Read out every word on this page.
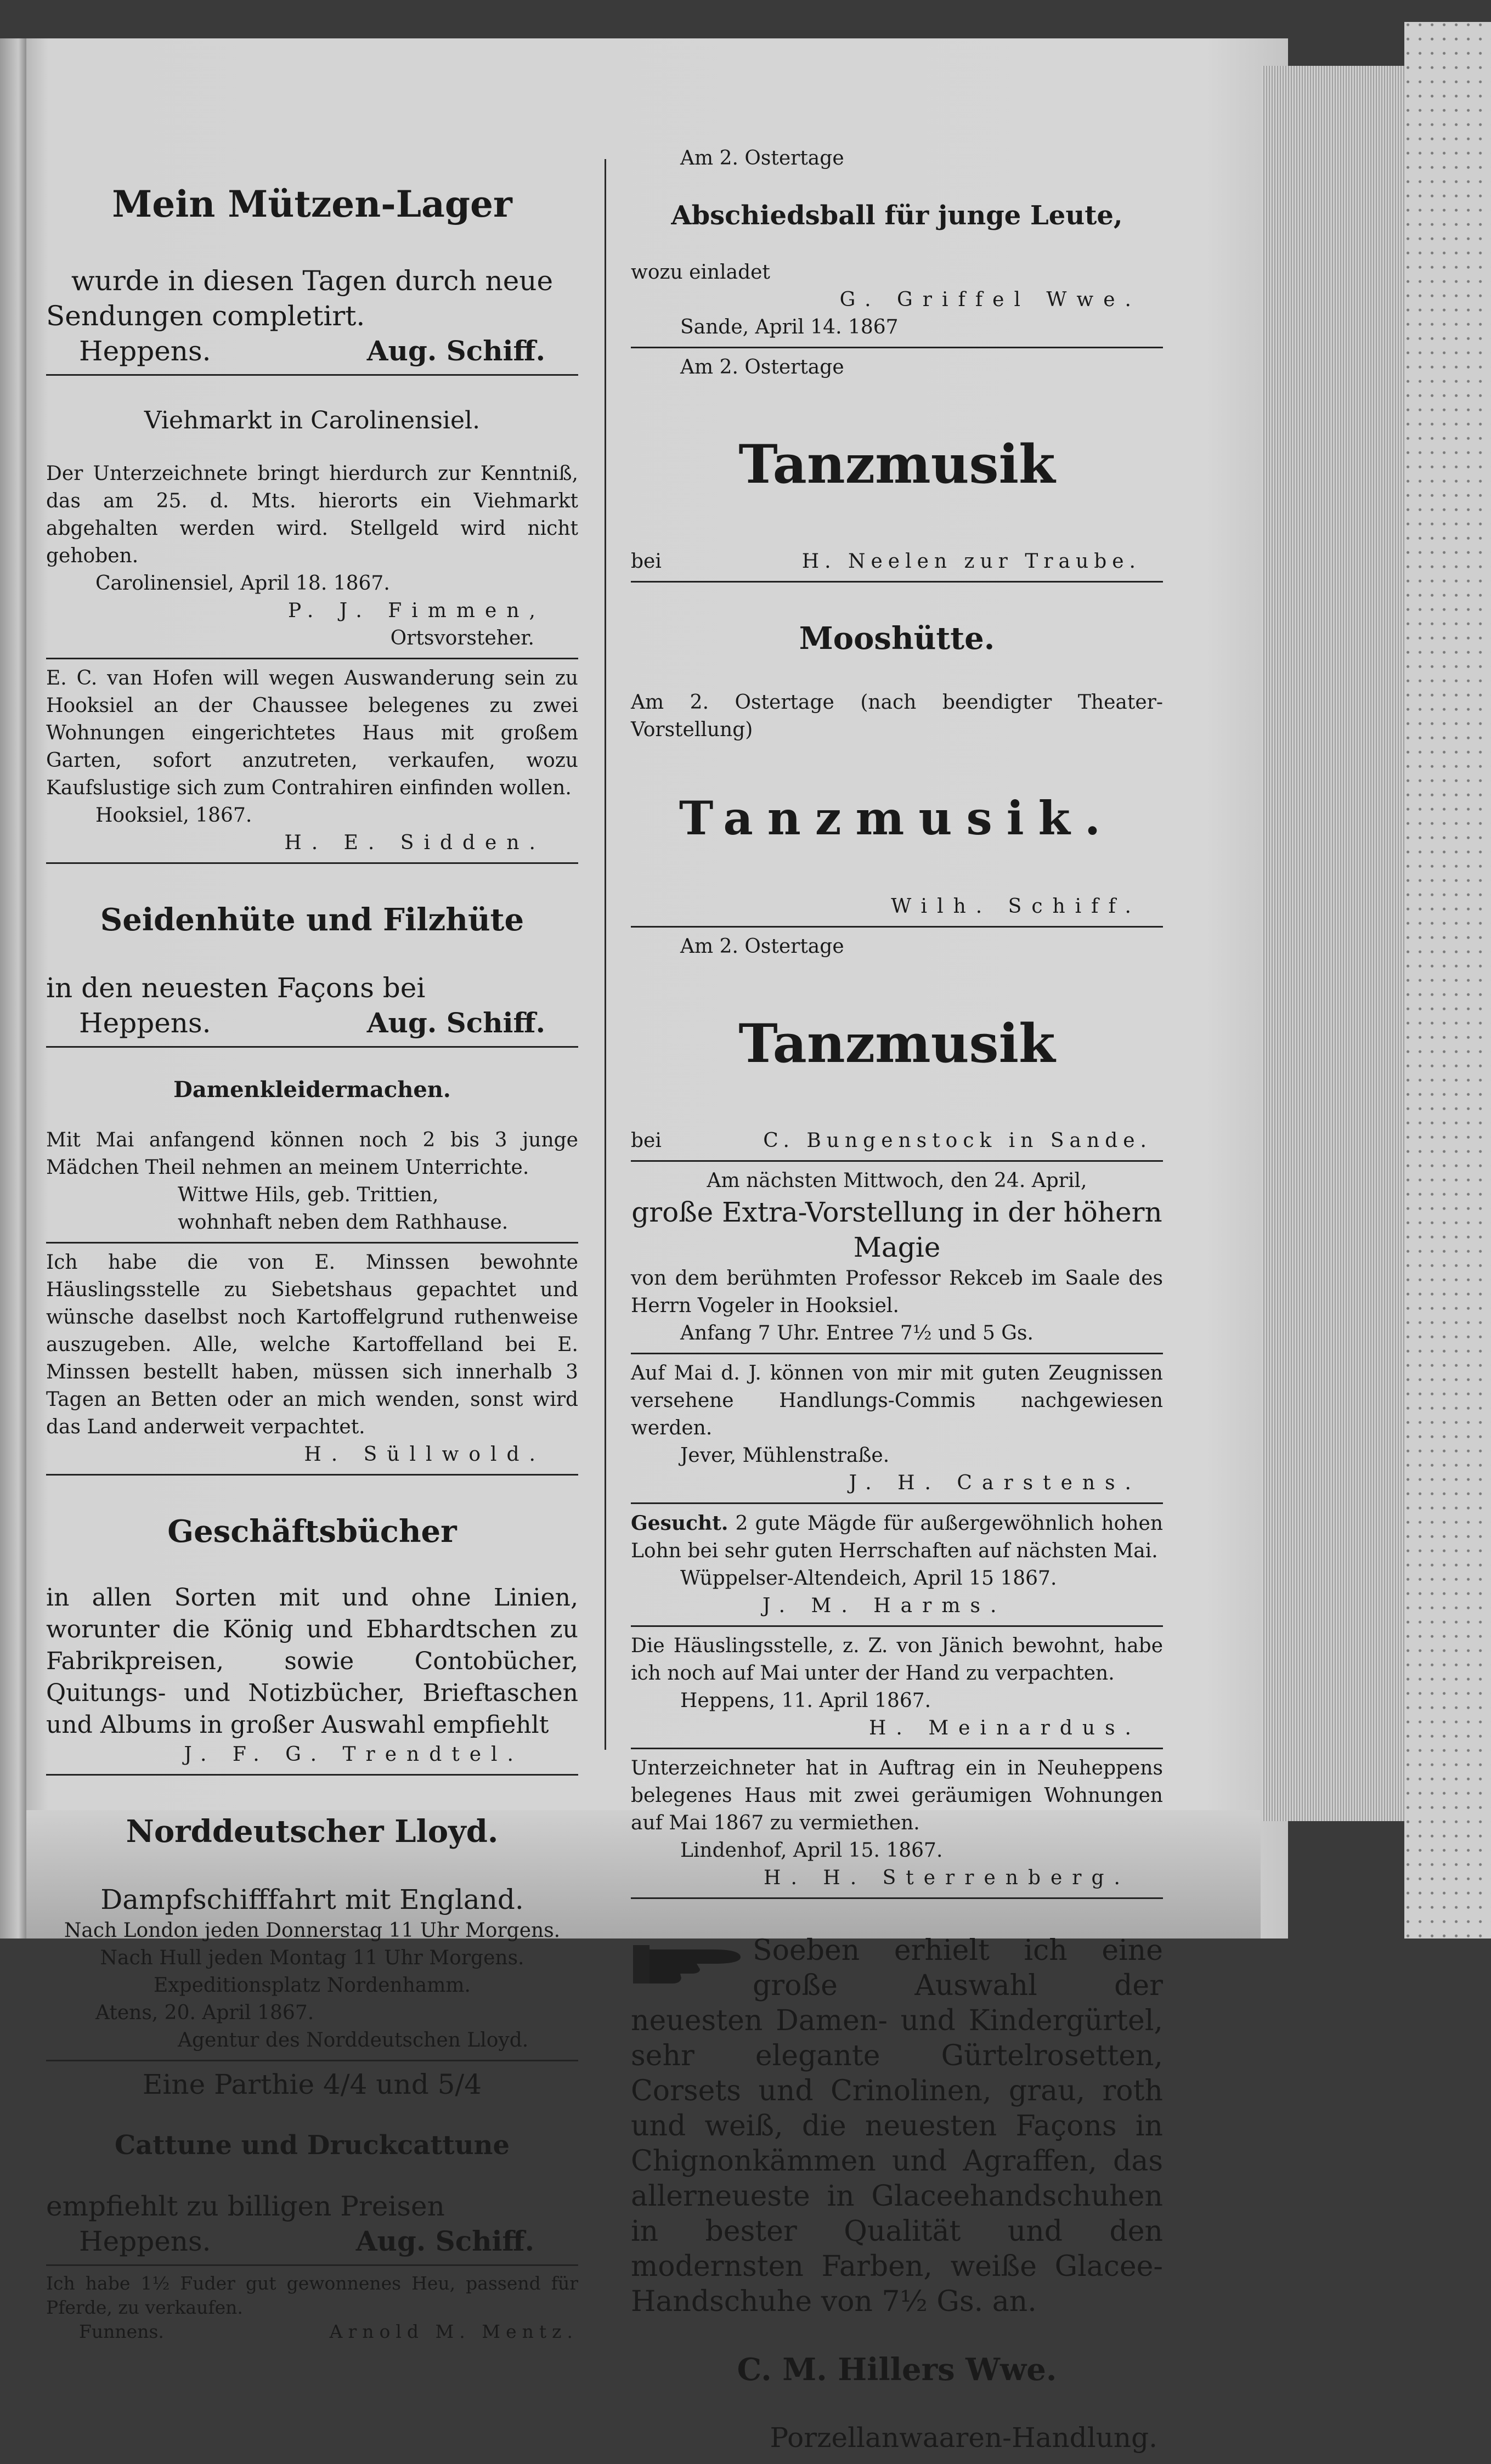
Mein Mützen-Lager

wurde in diesen Tagen durch neue

Sendungen completirt.

Heppens.	Aug. Schiff.

Viehmarkt in Carolinensiel.

Der Unterzeichnete bringt hierdurch zur Kenntniß, das am 25. d. Mts. hierorts ein Viehmarkt abgehalten werden wird. Stellgeld wird nicht gehoben.

Carolinensiel, April 18. 1867.

P. J. Fimmen,

Ortsvorsteher.

E. C. van Hofen will wegen Auswanderung sein zu Hooksiel an der Chaussee belegenes zu zwei Wohnungen eingerichtetes Haus mit großem Garten, sofort anzutreten, verkaufen, wozu Kaufslustige sich zum Contrahiren einfinden wollen.

Hooksiel, 1867.

H. E. Sidden.

Seidenhüte und Filzhüte

in den neuesten Façons bei

Heppens.	Aug. Schiff.

Damenkleidermachen.

Mit Mai anfangend können noch 2 bis 3 junge Mädchen Theil nehmen an meinem Unterrichte.

Wittwe Hils, geb. Trittien,

wohnhaft neben dem Rathhause.

Ich habe die von E. Minssen bewohnte Häuslingsstelle zu Siebetshaus gepachtet und wünsche daselbst noch Kartoffelgrund ruthenweise auszugeben. Alle, welche Kartoffelland bei E. Minssen bestellt haben, müssen sich innerhalb 3 Tagen an Betten oder an mich wenden, sonst wird das Land anderweit verpachtet.

H. Süllwold.

Geschäftsbücher

in allen Sorten mit und ohne Linien, worunter die König und Ebhardtschen zu Fabrikpreisen, sowie Contobücher, Quitungs- und Notizbücher, Brieftaschen und Albums in großer Auswahl empfiehlt

J. F. G. Trendtel.

Norddeutscher Lloyd.

Dampfschifffahrt mit England.

Nach London jeden Donnerstag 11 Uhr Morgens.

Nach Hull jeden Montag 11 Uhr Morgens.

Expeditionsplatz Nordenhamm.

Atens, 20. April 1867.

Agentur des Norddeutschen Lloyd.

Eine Parthie 4/4 und 5/4

Cattune und Druckcattune

empfiehlt zu billigen Preisen

Heppens.	Aug. Schiff.

Ich habe 1½ Fuder gut gewonnenes Heu, passend für Pferde, zu verkaufen.

Funnens.	Arnold M. Mentz.

Am 2. Ostertage

Abschiedsball für junge Leute,

wozu einladet

G. Griffel Wwe.

Sande, April 14. 1867

Am 2. Ostertage

Tanzmusik

bei	H. Neelen zur Traube.

Mooshütte.

Am 2. Ostertage (nach beendigter Theater-Vorstellung)

Tanzmusik.

Wilh. Schiff.

Am 2. Ostertage

Tanzmusik

bei	C. Bungenstock in Sande.

Am nächsten Mittwoch, den 24. April,

große Extra-Vorstellung in der höhern Magie

von dem berühmten Professor Rekceb im Saale des Herrn Vogeler in Hooksiel.

Anfang 7 Uhr. Entree 7½ und 5 Gs.

Auf Mai d. J. können von mir mit guten Zeugnissen versehene Handlungs-Commis nachgewiesen werden.

Jever, Mühlenstraße.

J. H. Carstens.

Gesucht. 2 gute Mägde für außergewöhnlich hohen Lohn bei sehr guten Herrschaften auf nächsten Mai.

Wüppelser-Altendeich, April 15 1867.

J. M. Harms.

Die Häuslingsstelle, z. Z. von Jänich bewohnt, habe ich noch auf Mai unter der Hand zu verpachten.

Heppens, 11. April 1867.

H. Meinardus.

Unterzeichneter hat in Auftrag ein in Neuheppens belegenes Haus mit zwei geräumigen Wohnungen auf Mai 1867 zu vermiethen.

Lindenhof, April 15. 1867.

H. H. Sterrenberg.

Soeben erhielt ich eine große Auswahl der neuesten Damen- und Kindergürtel, sehr elegante Gürtelrosetten, Corsets und Crinolinen, grau, roth und weiß, die neuesten Façons in Chignonkämmen und Agraffen, das allerneueste in Glaceehandschuhen in bester Qualität und den modernsten Farben, weiße Glacee-Handschuhe von 7½ Gs. an.

C. M. Hillers Wwe.

Porzellanwaaren-Handlung.
